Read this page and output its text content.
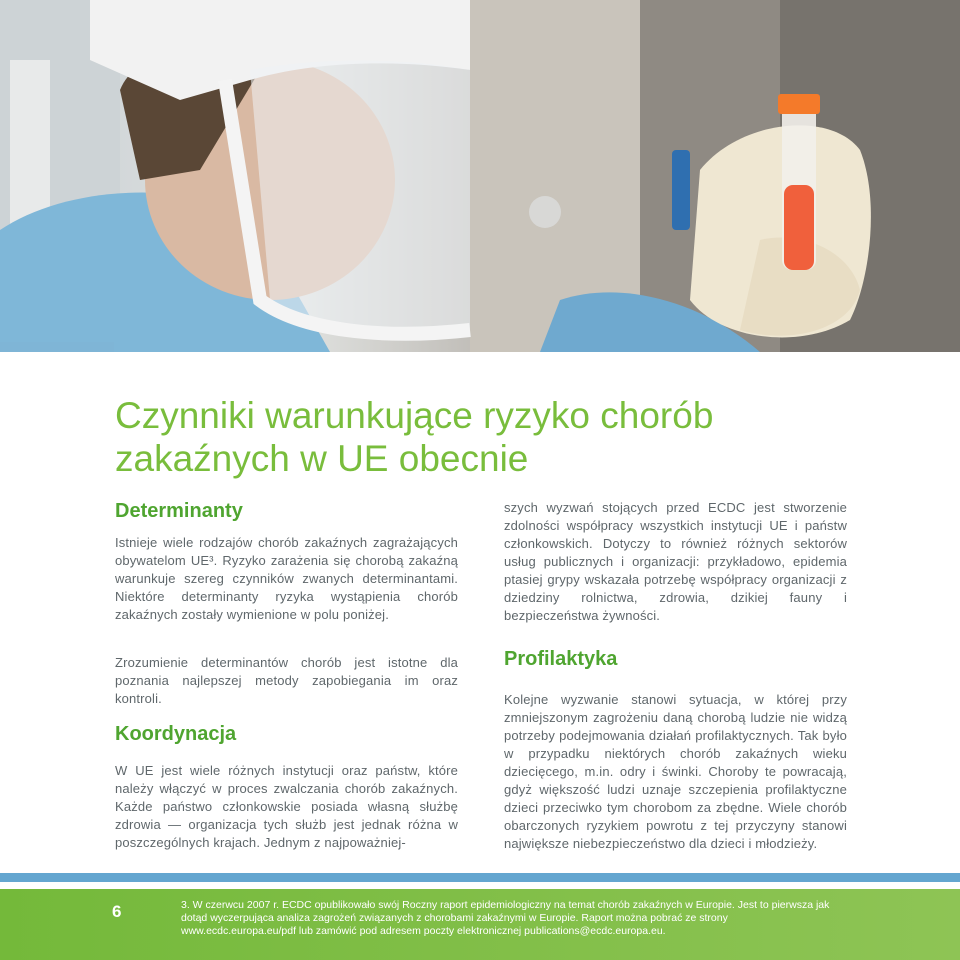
Czynniki warunkujące ryzyko chorób
zakaźnych w UE obecnie
Determinanty

Istnieje wiele rodzajów chorób zakaźnych zagrażających obywatelom UE³. Ryzyko zarażenia się chorobą zakaźną warunkuje szereg czynników zwanych determinantami. Niektóre determinanty ryzyka wystąpienia chorób zakaźnych zostały wymienione w polu poniżej.

Zrozumienie determinantów chorób jest istotne dla poznania najlepszej metody zapobiegania im oraz kontroli.

Koordynacja

W UE jest wiele różnych instytucji oraz państw, które należy włączyć w proces zwalczania chorób zakaźnych. Każde państwo członkowskie posiada własną służbę zdrowia — organizacja tych służb jest jednak różna w poszczególnych krajach. Jednym z najpoważniej-

szych wyzwań stojących przed ECDC jest stworzenie zdolności współpracy wszystkich instytucji UE i państw członkowskich. Dotyczy to również różnych sektorów usług publicznych i organizacji: przykładowo, epidemia ptasiej grypy wskazała potrzebę współpracy organizacji z dziedziny rolnictwa, zdrowia, dzikiej fauny i bezpieczeństwa żywności.

Profilaktyka

Kolejne wyzwanie stanowi sytuacja, w której przy zmniejszonym zagrożeniu daną chorobą ludzie nie widzą potrzeby podejmowania działań profilaktycznych. Tak było w przypadku niektórych chorób zakaźnych wieku dziecięcego, m.in. odry i świnki. Choroby te powracają, gdyż większość ludzi uznaje szczepienia profilaktyczne dzieci przeciwko tym chorobom za zbędne. Wiele chorób obarczonych ryzykiem powrotu z tej przyczyny stanowi największe niebezpieczeństwo dla dzieci i młodzieży.

6	3. W czerwcu 2007 r. ECDC opublikowało swój Roczny raport epidemiologiczny na temat chorób zakaźnych w Europie. Jest to pierwsza jak dotąd wyczerpująca analiza zagrożeń związanych z chorobami zakaźnymi w Europie. Raport można pobrać ze strony www.ecdc.europa.eu/pdf lub zamówić pod adresem poczty elektronicznej publications@ecdc.europa.eu.
